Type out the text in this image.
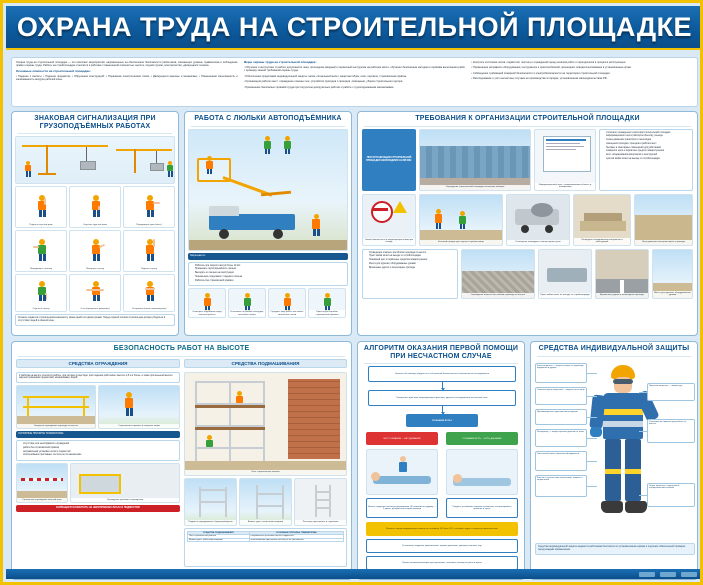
ОХРАНА ТРУДА НА СТРОИТЕЛЬНОЙ ПЛОЩАДКЕ

Охрана труда на строительной площадке — это комплекс мероприятий, направленных на обеспечение безопасности работников, снижающих уровень травматизма и соблюдение правил охраны труда. Работы на стройплощадке относятся к работам с повышенной опасностью: высота, подъём грузов, электричество, движущаяся техника.

Основные опасности на строительной площадке:

• Падение с высоты; • Падение предметов; • Обрушение конструкций; • Поражение электрическим током; • Движущиеся машины и механизмы; • Повышенная запылённость и загазованность воздуха рабочей зоны.

Меры охраны труда на строительной площадке:

• Обучение и инструктаж. К работе допускаются лица, прошедшие вводный и первичный инструктаж на рабочем месте, обучение безопасным методам и приёмам выполнения работ и проверку знаний требований охраны труда.

• Обеспечение средствами индивидуальной защиты: каска, сигнальный жилет, защитная обувь, очки, перчатки, страховочная привязь.

• Организация рабочих мест: ограждение опасных зон, устройство проходов и проездов, освещение, уборка строительного мусора.

• Применение безопасных приёмов труда при погрузочно-разгрузочных работах и работе с грузоподъёмными механизмами.

• Контроль состояния лесов, подмостей, лестниц и ограждений перед началом работ и периодически в процессе эксплуатации.

• Применение исправного оборудования, инструмента и приспособлений, прошедших освидетельствование в установленные сроки.

• Соблюдение требований пожарной безопасности и электробезопасности на территории строительной площадки.

• Расследование и учёт несчастных случаев на производстве в порядке, установленном законодательством РФ.

ЗНАКОВАЯ СИГНАЛИЗАЦИЯ ПРИ ГРУЗОПОДЪЁМНЫХ РАБОТАХ
Поднять груз или крюк	Опустить груз или крюк	Передвинуть кран (мост)
Передвинуть тележку	Повернуть стрелу	Поднять стрелу
Опустить стрелу	Стоп (прекратить движение)	Осторожно (малое перемещение)
Сигналы подаются стропальщиком машинисту крана одной или двумя руками. Перед подачей сигнала стропальщик должен убедиться в отсутствии людей в опасной зоне.
РАБОТА С ЛЮЛЬКИ АВТОПОДЪЁМНИКА
Запрещается:
• Работать при скорости ветра более 10 м/с
• Превышать грузоподъёмность люльки
• Выходить из люльки на конструкции
• Перемещать подъёмник с людьми в люльке
• Работать без страховочной привязи
Осмотреть подъёмник перед началом работы
Установить на ровной площадке, выставить опоры
Оградить зону работ, выставить сигнальные знаки
Пристегнуть карабин страховочной привязи
ТРЕБОВАНИЯ К ОРГАНИЗАЦИИ СТРОИТЕЛЬНОЙ ПЛОЩАДКИ
ПРИ ОРГАНИЗАЦИИ СТРОИТЕЛЬНОЙ ПЛОЩАДКИ НЕОБХОДИМО НАЛИЧИЕ:
Ограждение строительной площадки сплошным забором
Информационный щит с наименованием объекта и телефонами
• сплошного ограждения территории строительной площадки
• информационного щита (паспорта объекта) у въезда
• схемы движения транспорта и пешеходов
• освещения проходов, проездов и рабочих мест
• бытовых и санитарных помещений для работников
• пожарного щита и первичных средств пожаротушения
• мест складирования материалов и конструкций
• пунктов мойки колёс на выезде со стройплощадки
Знаки безопасности и запрещающие знаки при въезде	Бытовой городок для отдыха и приёма пищи	Освещение площадки в тёмное время суток
Площадка складирования материалов и конструкций	Пути движения автотранспорта и проезды
• Ограждение опасных зон вблизи перепада по высоте
• Пункт мойки колёс на выезде со стройплощадки
• Пожарный щит и первичные средства пожаротушения
• Места для курения, оборудованные урнами
• Временные дороги и пешеходные проходы
Ограждение опасных зон вблизи перепада по высоте	Пункт мойки колёс на выезде со стройплощадки	Временные дороги и пешеходные проходы
Места для курения, оборудованные урнами
БЕЗОПАСНОСТЬ РАБОТ НА ВЫСОТЕ
СРЕДСТВА ОГРАЖДЕНИЯ
К работам на высоте относятся работы, при которых существует риск падения работника с высоты 1,8 м и более, а также при меньшей высоте над выступающими предметами, механизмами, водой.
Защитное ограждение перепада по высоте	Страховочная привязь и анкерная линия
ОСНОВНЫЕ ПРИЧИНЫ ТРАВМАТИЗМА
• отсутствие или неисправность ограждений
• работа без страховочной привязи
• неправильная установка лесов и подмостей
• использование приставных лестниц не по назначению
Сигнальное ограждение опасной зоны	Ограждение проёмов в перекрытии
ЗАПРЕЩАЕТСЯ РАБОТАТЬ НА НЕИСПРАВНЫХ ЛЕСАХ И ПОДМОСТЯХ!
СРЕДСТВА ПОДМАШИВАНИЯ
Леса строительные рамные
Подмости передвижные сборно-разборные	Вышка-тура с колёсными опорами	Лестницы приставные и стремянки
СРЕДСТВА ПОДМАШИВАНИЯ	ОСНОВНЫЕ ПРИЧИНЫ ТРАВМАТИЗМА
Леса строительные рамные	неправильная установка лесов и подмостей
Вышка-тура с колёсными опорами	использование приставных лестниц не по назначению
АЛГОРИТМ ОКАЗАНИЯ ПЕРВОЙ ПОМОЩИ ПРИ НЕСЧАСТНОМ СЛУЧАЕ
Оценить обстановку, убедиться в собственной безопасности и безопасности пострадавшего
Прекратить действие повреждающего фактора, удалить пострадавшего из опасной зоны
СОЗНАНИЕ ЕСТЬ?
НЕТ СОЗНАНИЯ — НЕТ ДЫХАНИЯ	СОЗНАНИЕ ЕСТЬ — ЕСТЬ ДЫХАНИЕ
Начать сердечно-лёгочную реанимацию: 30 нажатий на грудину — 2 вдоха, до прибытия скорой помощи
Придать устойчивое боковое положение, контролировать дыхание и пульс
Вызвать скорую медицинскую помощь по телефону 103 (или 112), сообщить адрес и характер происшествия
Остановить наружное кровотечение: прямое давление, давящая повязка, жгут
Провести иммобилизацию при переломах, наложить повязку на раны и ожоги
СРЕДСТВА ИНДИВИДУАЛЬНОЙ ЗАЩИТЫ
Каска защитная — защита головы от падающих предметов и ударов
Очки или щиток защитный — защита глаз и лица
Противошумные наушники или вкладыши
Респиратор — защита органов дыхания от пыли
Сигнальный жилет повышенной видимости
Костюм с сигнальными элементами, защита от загрязнений
Перчатки защитные — защита рук
Страховочная привязь при работах на высоте
Обувь защитная с подноском и антипрокольной стелькой
Средства индивидуальной защиты выдаются работникам бесплатно по установленным нормам и подлежат обязательной проверке перед каждым применением.
